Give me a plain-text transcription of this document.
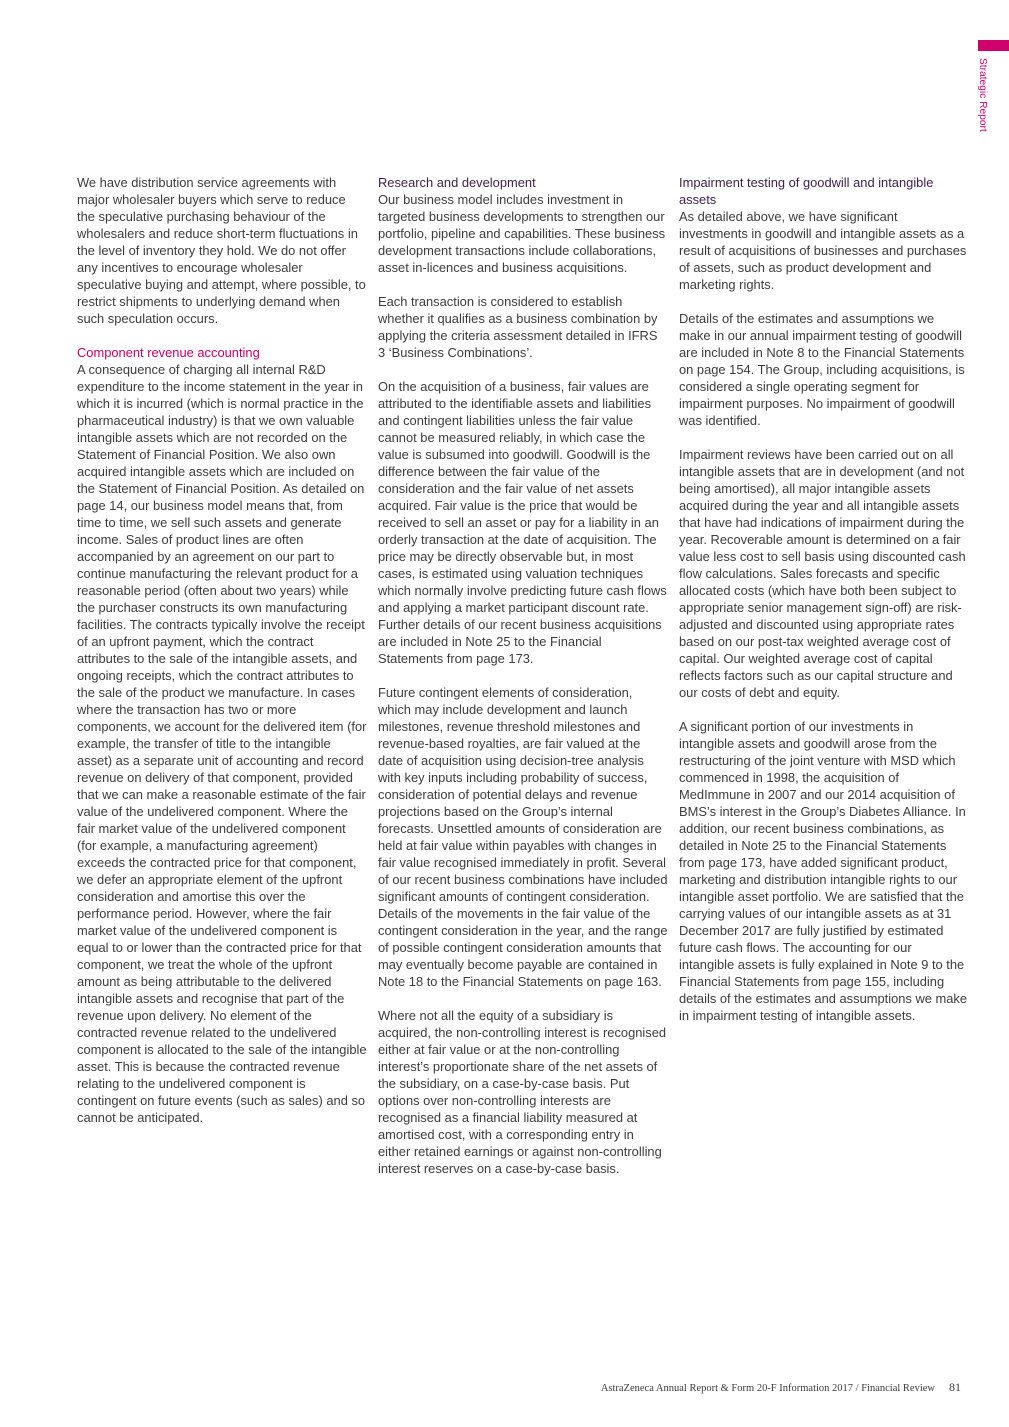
Strategic Report

We have distribution service agreements with major wholesaler buyers which serve to reduce the speculative purchasing behaviour of the wholesalers and reduce short-term fluctuations in the level of inventory they hold. We do not offer any incentives to encourage wholesaler speculative buying and attempt, where possible, to restrict shipments to underlying demand when such speculation occurs.

Component revenue accounting

A consequence of charging all internal R&D expenditure to the income statement in the year in which it is incurred (which is normal practice in the pharmaceutical industry) is that we own valuable intangible assets which are not recorded on the Statement of Financial Position. We also own acquired intangible assets which are included on the Statement of Financial Position. As detailed on page 14, our business model means that, from time to time, we sell such assets and generate income. Sales of product lines are often accompanied by an agreement on our part to continue manufacturing the relevant product for a reasonable period (often about two years) while the purchaser constructs its own manufacturing facilities. The contracts typically involve the receipt of an upfront payment, which the contract attributes to the sale of the intangible assets, and ongoing receipts, which the contract attributes to the sale of the product we manufacture. In cases where the transaction has two or more components, we account for the delivered item (for example, the transfer of title to the intangible asset) as a separate unit of accounting and record revenue on delivery of that component, provided that we can make a reasonable estimate of the fair value of the undelivered component. Where the fair market value of the undelivered component (for example, a manufacturing agreement) exceeds the contracted price for that component, we defer an appropriate element of the upfront consideration and amortise this over the performance period. However, where the fair market value of the undelivered component is equal to or lower than the contracted price for that component, we treat the whole of the upfront amount as being attributable to the delivered intangible assets and recognise that part of the revenue upon delivery. No element of the contracted revenue related to the undelivered component is allocated to the sale of the intangible asset. This is because the contracted revenue relating to the undelivered component is contingent on future events (such as sales) and so cannot be anticipated.

Research and development

Our business model includes investment in targeted business developments to strengthen our portfolio, pipeline and capabilities. These business development transactions include collaborations, asset in-licences and business acquisitions.

Each transaction is considered to establish whether it qualifies as a business combination by applying the criteria assessment detailed in IFRS 3 ‘Business Combinations’.

On the acquisition of a business, fair values are attributed to the identifiable assets and liabilities and contingent liabilities unless the fair value cannot be measured reliably, in which case the value is subsumed into goodwill. Goodwill is the difference between the fair value of the consideration and the fair value of net assets acquired. Fair value is the price that would be received to sell an asset or pay for a liability in an orderly transaction at the date of acquisition. The price may be directly observable but, in most cases, is estimated using valuation techniques which normally involve predicting future cash flows and applying a market participant discount rate. Further details of our recent business acquisitions are included in Note 25 to the Financial Statements from page 173.

Future contingent elements of consideration, which may include development and launch milestones, revenue threshold milestones and revenue-based royalties, are fair valued at the date of acquisition using decision-tree analysis with key inputs including probability of success, consideration of potential delays and revenue projections based on the Group’s internal forecasts. Unsettled amounts of consideration are held at fair value within payables with changes in fair value recognised immediately in profit. Several of our recent business combinations have included significant amounts of contingent consideration. Details of the movements in the fair value of the contingent consideration in the year, and the range of possible contingent consideration amounts that may eventually become payable are contained in Note 18 to the Financial Statements on page 163.

Where not all the equity of a subsidiary is acquired, the non-controlling interest is recognised either at fair value or at the non-controlling interest’s proportionate share of the net assets of the subsidiary, on a case-by-case basis. Put options over non-controlling interests are recognised as a financial liability measured at amortised cost, with a corresponding entry in either retained earnings or against non-controlling interest reserves on a case-by-case basis.

Impairment testing of goodwill and intangible assets

As detailed above, we have significant investments in goodwill and intangible assets as a result of acquisitions of businesses and purchases of assets, such as product development and marketing rights.

Details of the estimates and assumptions we make in our annual impairment testing of goodwill are included in Note 8 to the Financial Statements on page 154. The Group, including acquisitions, is considered a single operating segment for impairment purposes. No impairment of goodwill was identified.

Impairment reviews have been carried out on all intangible assets that are in development (and not being amortised), all major intangible assets acquired during the year and all intangible assets that have had indications of impairment during the year. Recoverable amount is determined on a fair value less cost to sell basis using discounted cash flow calculations. Sales forecasts and specific allocated costs (which have both been subject to appropriate senior management sign-off) are risk-adjusted and discounted using appropriate rates based on our post-tax weighted average cost of capital. Our weighted average cost of capital reflects factors such as our capital structure and our costs of debt and equity.

A significant portion of our investments in intangible assets and goodwill arose from the restructuring of the joint venture with MSD which commenced in 1998, the acquisition of MedImmune in 2007 and our 2014 acquisition of BMS’s interest in the Group’s Diabetes Alliance. In addition, our recent business combinations, as detailed in Note 25 to the Financial Statements from page 173, have added significant product, marketing and distribution intangible rights to our intangible asset portfolio. We are satisfied that the carrying values of our intangible assets as at 31 December 2017 are fully justified by estimated future cash flows. The accounting for our intangible assets is fully explained in Note 9 to the Financial Statements from page 155, including details of the estimates and assumptions we make in impairment testing of intangible assets.

AstraZeneca Annual Report & Form 20-F Information 2017 / Financial Review 81
